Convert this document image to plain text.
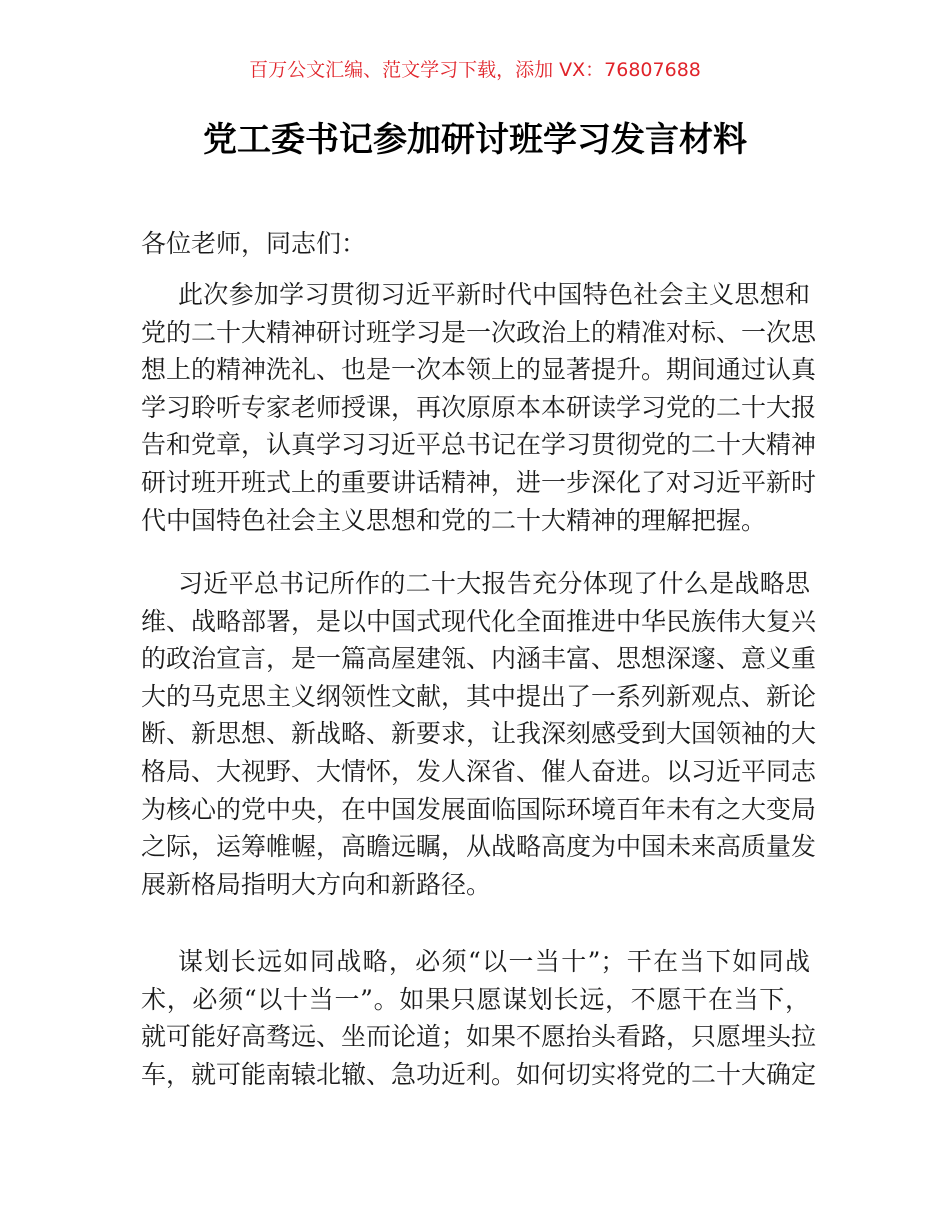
百万公文汇编、范文学习下载，添加 VX：76807688
党工委书记参加研讨班学习发言材料
各位老师，同志们：
此次参加学习贯彻习近平新时代中国特色社会主义思想和
党的二十大精神研讨班学习是一次政治上的精准对标、一次思
想上的精神洗礼、也是一次本领上的显著提升。期间通过认真
学习聆听专家老师授课，再次原原本本研读学习党的二十大报
告和党章，认真学习习近平总书记在学习贯彻党的二十大精神
研讨班开班式上的重要讲话精神，进一步深化了对习近平新时
代中国特色社会主义思想和党的二十大精神的理解把握。
习近平总书记所作的二十大报告充分体现了什么是战略思
维、战略部署，是以中国式现代化全面推进中华民族伟大复兴
的政治宣言，是一篇高屋建瓴、内涵丰富、思想深邃、意义重
大的马克思主义纲领性文献，其中提出了一系列新观点、新论
断、新思想、新战略、新要求，让我深刻感受到大国领袖的大
格局、大视野、大情怀，发人深省、催人奋进。以习近平同志
为核心的党中央，在中国发展面临国际环境百年未有之大变局
之际，运筹帷幄，高瞻远瞩，从战略高度为中国未来高质量发
展新格局指明大方向和新路径。
谋划长远如同战略，必须“以一当十”；干在当下如同战
术，必须“以十当一”。如果只愿谋划长远，不愿干在当下，
就可能好高骛远、坐而论道；如果不愿抬头看路，只愿埋头拉
车，就可能南辕北辙、急功近利。如何切实将党的二十大确定
